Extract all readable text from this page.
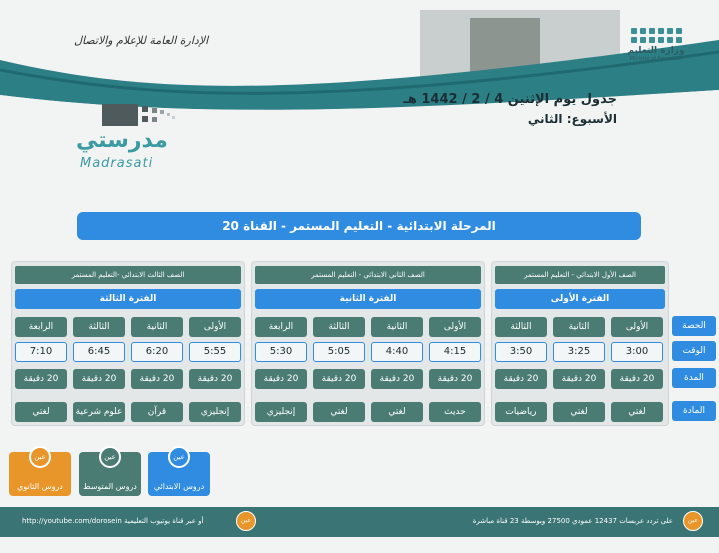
وزارة التعليم
Ministry of Education
الإدارة العامة للإعلام والاتصال
جدول يوم الإثنين 4 / 2 / 1442 هـ
الأسبوع: الثاني
مدرستي
Madrasati
المرحلة الابتدائية - التعليم المستمر - القناة 20
الصف الثالث الابتدائي -التعليم المستمر
الفترة الثالثة
الرابعة	الثالثة	الثانية	الأولى
7:10	6:45	6:20	5:55
20 دقيقة	20 دقيقة	20 دقيقة	20 دقيقة
لغتي	علوم شرعية	قرآن	إنجليزي
الصف الثاني الابتدائي - التعليم المستمر
الفترة الثانية
الرابعة	الثالثة	الثانية	الأولى
5:30	5:05	4:40	4:15
20 دقيقة	20 دقيقة	20 دقيقة	20 دقيقة
إنجليزي	لغتي	لغتي	حديث
الصف الأول الابتدائي - التعليم المستمر
الفترة الأولى
الثالثة	الثانية	الأولى
3:50	3:25	3:00
20 دقيقة	20 دقيقة	20 دقيقة
رياضيات	لغتي	لغتي
الحصة
الوقت
المدة
المادة
عين
دروس الابتدائي
عين
دروس المتوسط
عين
دروس الثانوي
http://youtube.com/dorosein أو عبر قناة يوتيوب التعليمية	عين	على تردد عربسات 12437 عمودي 27500 وبوسطة 23 قناة مباشرة	عين
